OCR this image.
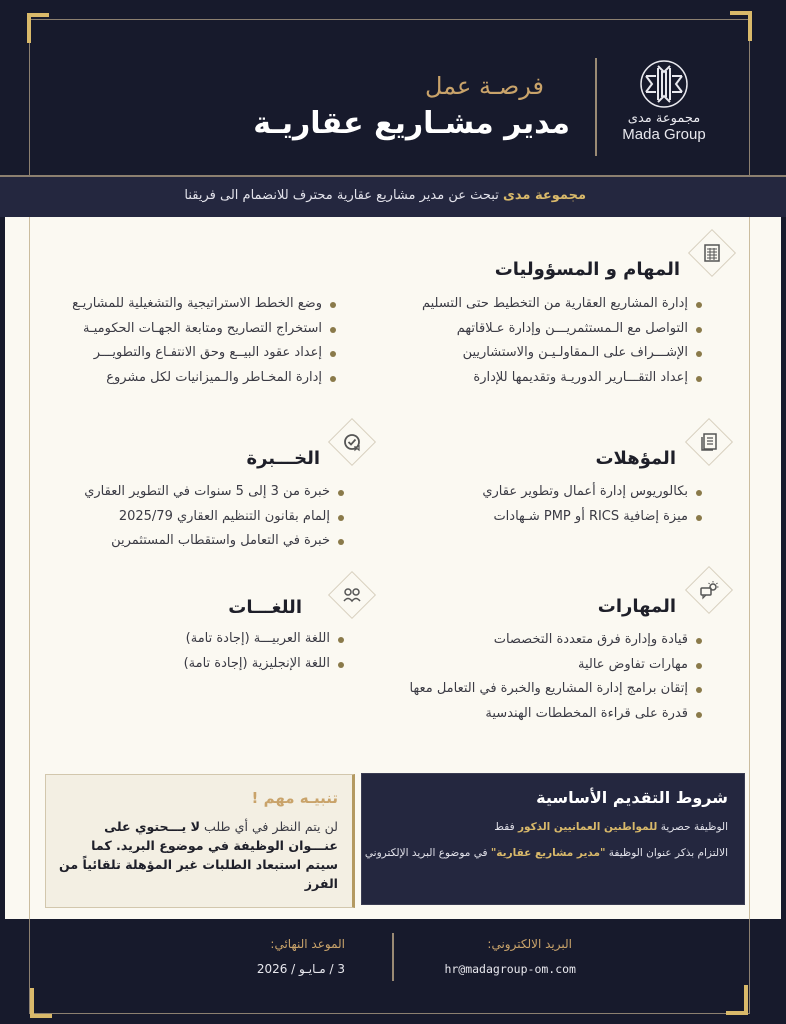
مجموعة مدى
Mada Group
فرصـة عمل
مدير مشـاريع عقاريـة
مجموعة مدى تبحث عن مدير مشاريع عقارية محترف للانضمام الى فريقنا
المهام و المسؤوليات
إدارة المشاريع العقارية من التخطيط حتى التسليم
التواصل مع الـمستثمريـــن وإدارة عـلاقاتهم
الإشـــراف على الـمقاولـيـن والاستشاريين
إعداد التقـــارير الدوريـة وتقديمها للإدارة
وضع الخطط الاستراتيجية والتشغيلية للمشاريـع
استخراج التصاريح ومتابعة الجهـات الحكوميـة
إعداد عقود البيــع وحق الانتفـاع والتطويـــر
إدارة المخـاطر والـميزانيات لكل مشروع
المؤهلات
بكالوريوس إدارة أعمال وتطوير عقاري
ميزة إضافية RICS أو PMP شـهادات
الخـــبرة
خبرة من 3 إلى 5 سنوات في التطوير العقاري
إلمام بقانون التنظيم العقاري 2025/79
خبرة في التعامل واستقطاب المستثمرين
المهارات
قيادة وإدارة فرق متعددة التخصصات
مهارات تفاوض عالية
إتقان برامج إدارة المشاريع والخبرة في التعامل معها
قدرة على قراءة المخططات الهندسية
اللغـــات
اللغة العربيـــة (إجادة تامة)
اللغة الإنجليزية (إجادة تامة)
شروط التقديم الأساسية
الوظيفة حصرية للمواطنين العمانيين الذكور فقط
الالتزام بذكر عنوان الوظيفة "مدير مشاريع عقارية" في موضوع البريد الإلكتروني
تنبيـه مهم !
لن يتم النظر في أي طلب لا يـــحتوي على عنـــوان الوظيفة في موضوع البريد. كما سيتم استبعاد الطلبات غير المؤهلة تلقائياً من الفرز
البريد الالكتروني:
hr@madagroup-om.com
الموعد النهائي:
3 / مـايـو / 2026
